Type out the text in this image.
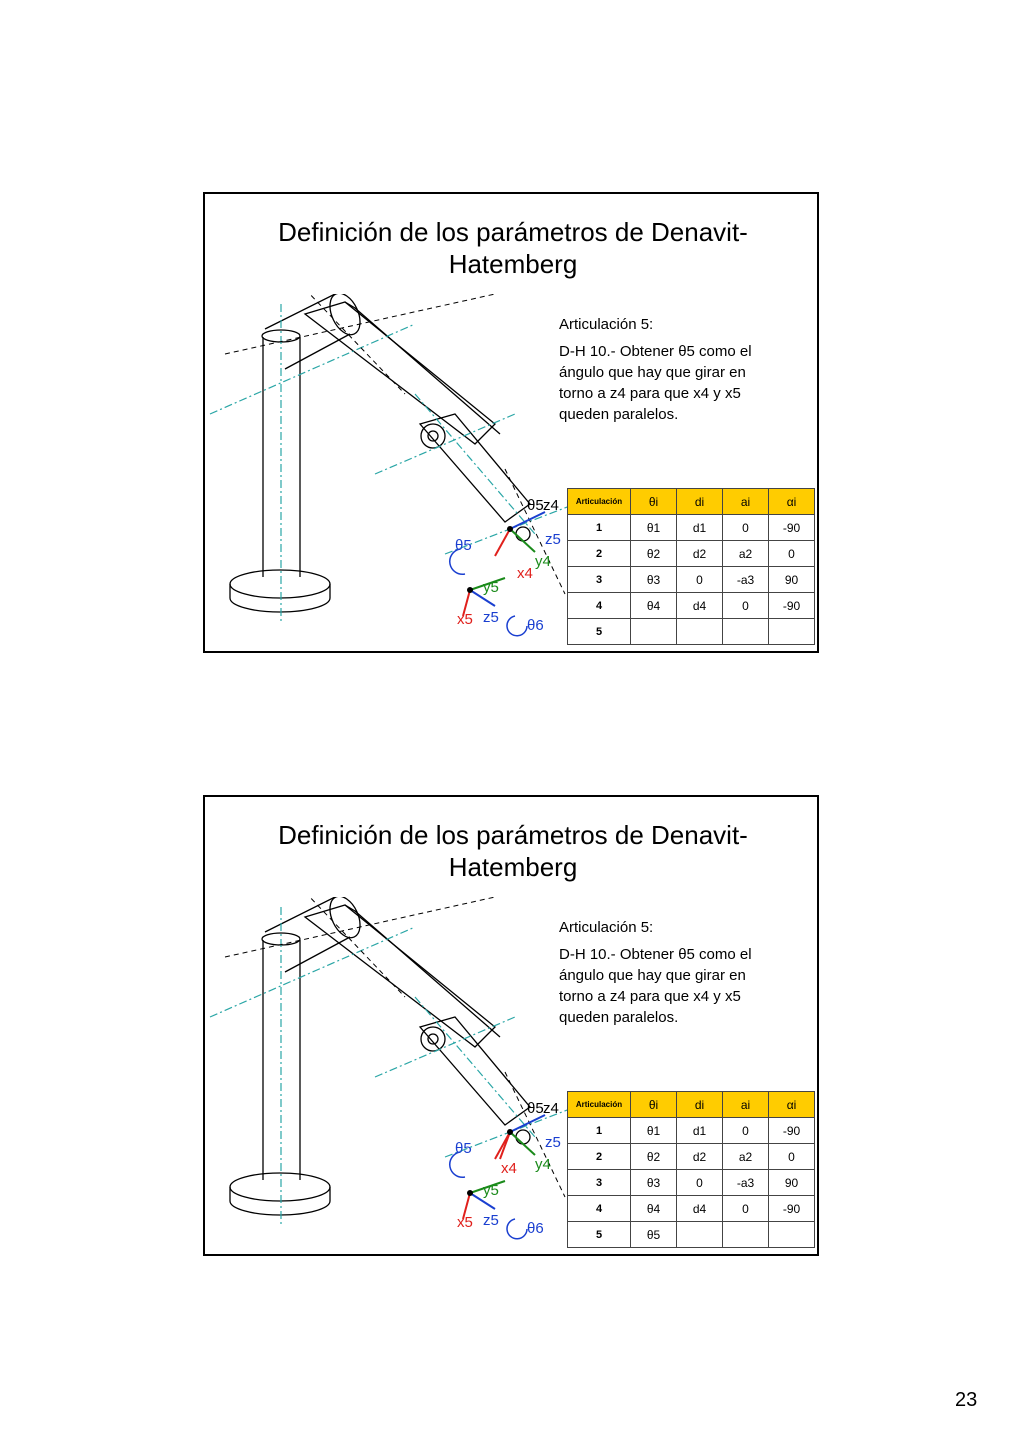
Definición de los parámetros de Denavit-
Hatemberg
θ5 z4
z5
θ5
y4
x4
y5
x5 z5 θ6

Articulación 5:

D-H 10.- Obtener θ5 como el
ángulo que hay que girar en
torno a z4 para que x4 y x5
queden paralelos.

Articulación	θi	di	ai	αi
1	θ1	d1	0	-90
2	θ2	d2	a2	0
3	θ3	0	-a3	90
4	θ4	d4	0	-90
5				
Definición de los parámetros de Denavit-
Hatemberg
θ5 z4
z5
θ5
y4
x4
y5
x5 z5 θ6

Articulación 5:

D-H 10.- Obtener θ5 como el
ángulo que hay que girar en
torno a z4 para que x4 y x5
queden paralelos.

Articulación	θi	di	ai	αi
1	θ1	d1	0	-90
2	θ2	d2	a2	0
3	θ3	0	-a3	90
4	θ4	d4	0	-90
5	θ5			
23
